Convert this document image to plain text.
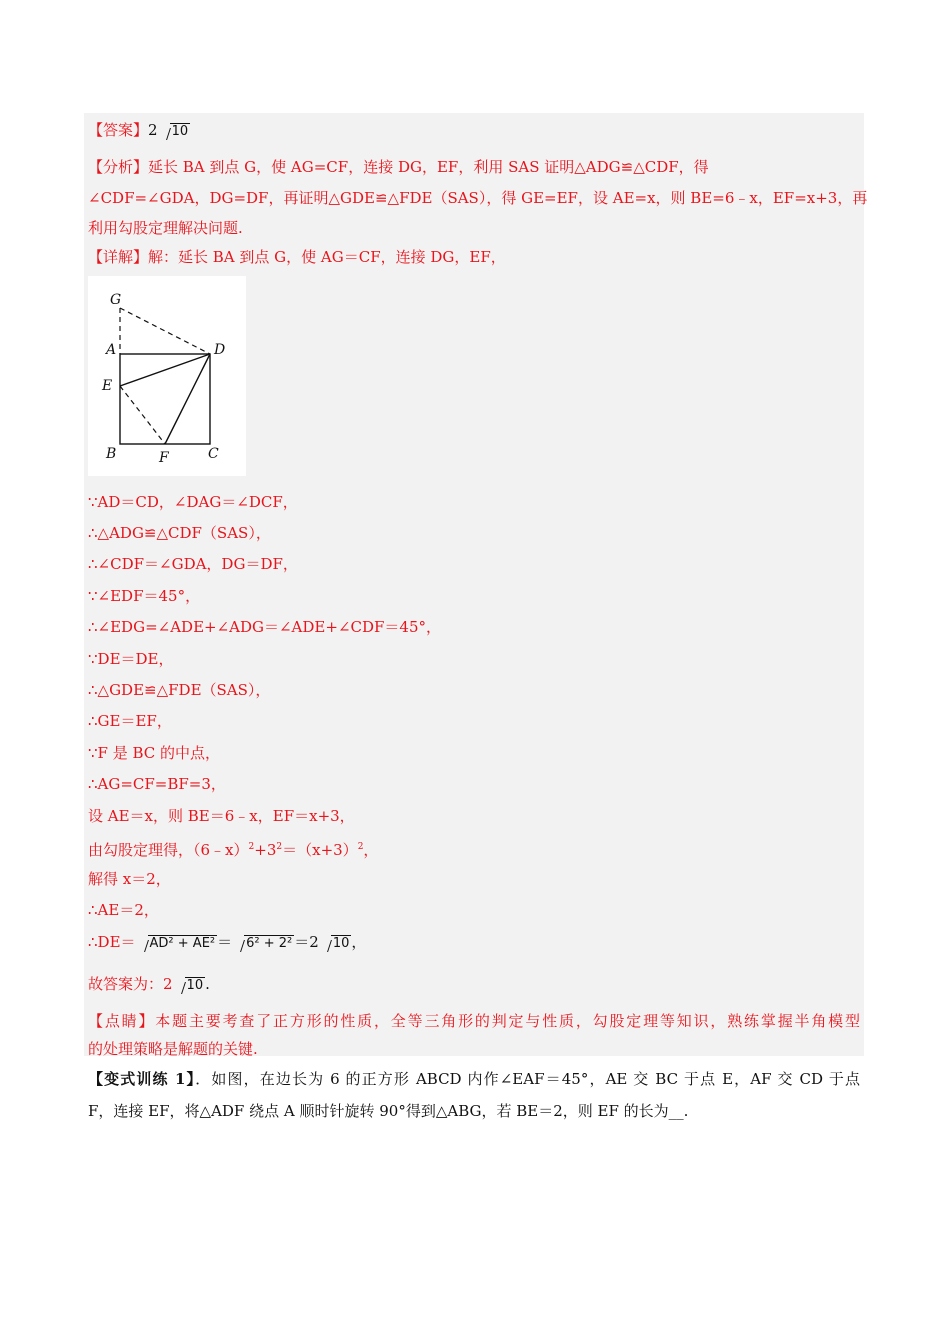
【答案】2 10
【分析】延长 BA 到点 G，使 AG=CF，连接 DG，EF，利用 SAS 证明△ADG≌△CDF，得
∠CDF=∠GDA，DG=DF，再证明△GDE≌△FDE（SAS），得 GE=EF，设 AE=x，则 BE=6﹣x，EF=x+3，再
利用勾股定理解决问题.
【详解】解：延长 BA 到点 G，使 AG＝CF，连接 DG，EF，
G
A	D
E
B	F	C
∵AD＝CD，∠DAG＝∠DCF，
∴△ADG≌△CDF（SAS），
∴∠CDF＝∠GDA，DG＝DF，
∵∠EDF＝45°，
∴∠EDG=∠ADE+∠ADG＝∠ADE+∠CDF＝45°，
∵DE＝DE，
∴△GDE≌△FDE（SAS），
∴GE＝EF，
∵F 是 BC 的中点，
∴AG=CF=BF=3，
设 AE＝x，则 BE＝6﹣x，EF＝x+3，
由勾股定理得，$(6﹣x)^2+3^2=(x+3)^2$，
解得 x＝2，
∴AE＝2，
∴DE＝ AD² + AE² ＝ 6² + 2² ＝2 10 ，
故答案为：2 10 .
【点睛】本题主要考查了正方形的性质，全等三角形的判定与性质，勾股定理等知识，熟练掌握半角模型
的处理策略是解题的关键.
【变式训练 1】．如图，在边长为 6 的正方形 ABCD 内作∠EAF＝45°，AE 交 BC 于点 E，AF 交 CD 于点
F，连接 EF，将△ADF 绕点 A 顺时针旋转 90°得到△ABG，若 BE＝2，则 EF 的长为__.
